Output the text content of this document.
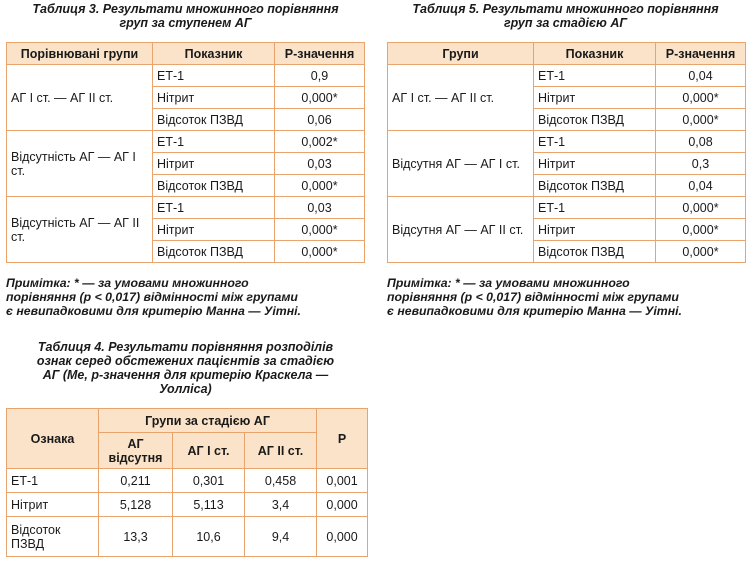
Таблиця 3. Результати множинного порівняння
груп за ступенем АГ
Порівнювані групи	Показник	Р-значення
АГ І ст. — АГ ІІ ст.	ЕТ-1	0,9
	Нітрит	0,000*
	Відсоток ПЗВД	0,06
Відсутність АГ — АГ І ст.	ЕТ-1	0,002*
	Нітрит	0,03
	Відсоток ПЗВД	0,000*
Відсутність АГ — АГ ІІ ст.	ЕТ-1	0,03
	Нітрит	0,000*
	Відсоток ПЗВД	0,000*
Примітка: * — за умовами множинного
порівняння (р < 0,017) відмінності між групами
є невипадковими для критерію Манна — Уітні.
Таблиця 5. Результати множинного порівняння
груп за стадією АГ
Групи	Показник	Р-значення
АГ І ст. — АГ ІІ ст.	ЕТ-1	0,04
	Нітрит	0,000*
	Відсоток ПЗВД	0,000*
Відсутня АГ — АГ І ст.	ЕТ-1	0,08
	Нітрит	0,3
	Відсоток ПЗВД	0,04
Відсутня АГ — АГ ІІ ст.	ЕТ-1	0,000*
	Нітрит	0,000*
	Відсоток ПЗВД	0,000*
Примітка: * — за умовами множинного
порівняння (р < 0,017) відмінності між групами
є невипадковими для критерію Манна — Уітні.
Таблиця 4. Результати порівняння розподілів
ознак серед обстежених пацієнтів за стадією
АГ (Ме, р-значення для критерію Краскела —
Уолліса)
Ознака	Групи за стадією АГ			Р
	АГ відсутня	АГ І ст.	АГ ІІ ст.	
ЕТ-1	0,211	0,301	0,458	0,001
Нітрит	5,128	5,113	3,4	0,000
Відсоток ПЗВД	13,3	10,6	9,4	0,000
